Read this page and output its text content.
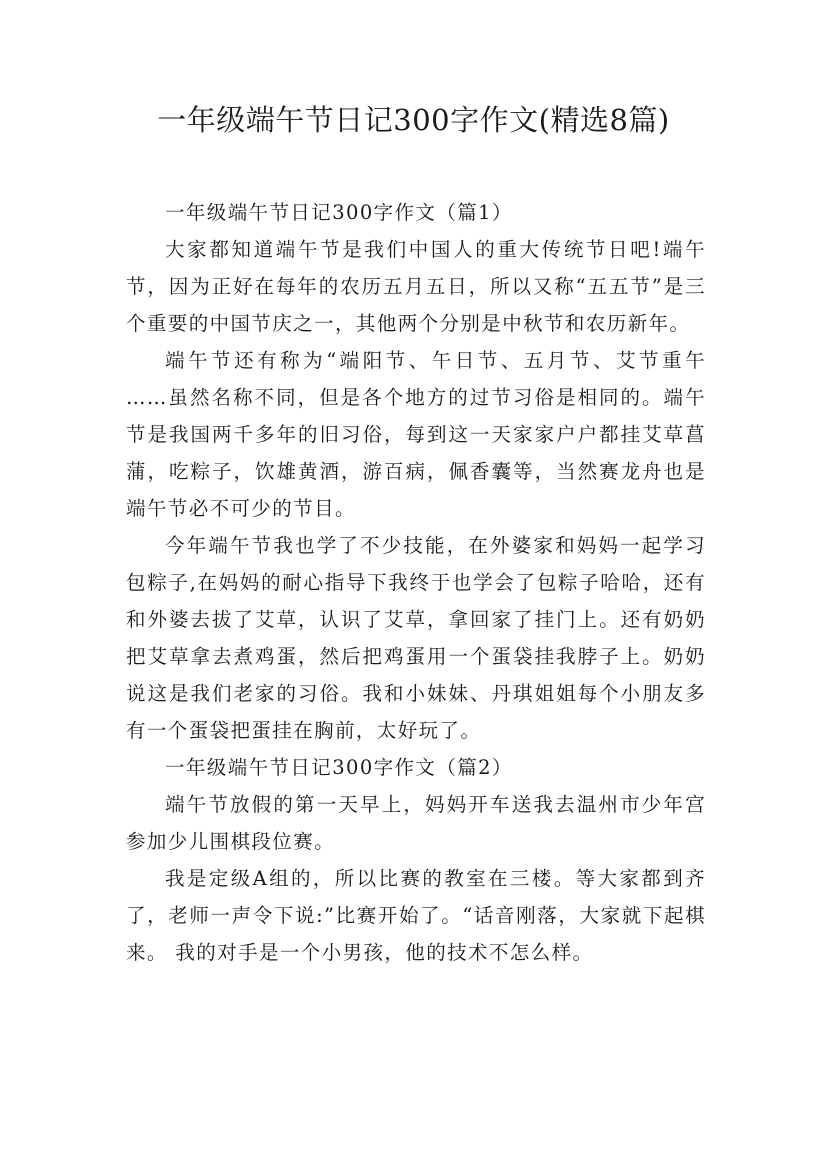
一年级端午节日记300字作文(精选8篇)

一年级端午节日记300字作文（篇1）

大家都知道端午节是我们中国人的重大传统节日吧!端午节，因为正好在每年的农历五月五日，所以又称“五五节”是三个重要的中国节庆之一，其他两个分别是中秋节和农历新年。

端午节还有称为“端阳节、午日节、五月节、艾节重午 ……虽然名称不同，但是各个地方的过节习俗是相同的。端午节是我国两千多年的旧习俗，每到这一天家家户户都挂艾草菖蒲，吃粽子，饮雄黄酒，游百病，佩香囊等，当然赛龙舟也是端午节必不可少的节目。

今年端午节我也学了不少技能，在外婆家和妈妈一起学习包粽子,在妈妈的耐心指导下我终于也学会了包粽子哈哈，还有和外婆去拔了艾草，认识了艾草，拿回家了挂门上。还有奶奶把艾草拿去煮鸡蛋，然后把鸡蛋用一个蛋袋挂我脖子上。奶奶说这是我们老家的习俗。我和小妹妹、丹琪姐姐每个小朋友多有一个蛋袋把蛋挂在胸前，太好玩了。

一年级端午节日记300字作文（篇2）

端午节放假的第一天早上，妈妈开车送我去温州市少年宫参加少儿围棋段位赛。

我是定级A组的，所以比赛的教室在三楼。等大家都到齐了，老师一声令下说:”比赛开始了。“话音刚落，大家就下起棋来。 我的对手是一个小男孩，他的技术不怎么样。
